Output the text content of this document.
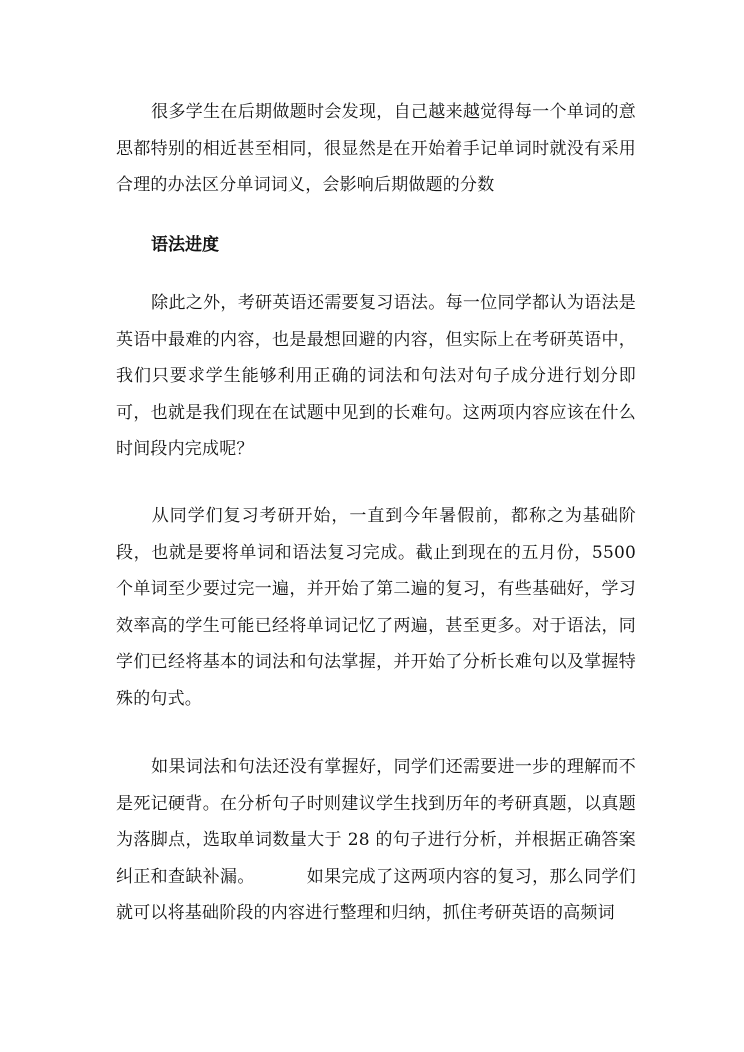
很多学生在后期做题时会发现，自己越来越觉得每一个单词的意思都特别的相近甚至相同，很显然是在开始着手记单词时就没有采用合理的办法区分单词词义，会影响后期做题的分数
语法进度
除此之外，考研英语还需要复习语法。每一位同学都认为语法是英语中最难的内容，也是最想回避的内容，但实际上在考研英语中，我们只要求学生能够利用正确的词法和句法对句子成分进行划分即可，也就是我们现在在试题中见到的长难句。这两项内容应该在什么时间段内完成呢？
从同学们复习考研开始，一直到今年暑假前，都称之为基础阶段，也就是要将单词和语法复习完成。截止到现在的五月份，5500 个单词至少要过完一遍，并开始了第二遍的复习，有些基础好，学习效率高的学生可能已经将单词记忆了两遍，甚至更多。对于语法，同学们已经将基本的词法和句法掌握，并开始了分析长难句以及掌握特殊的句式。
如果词法和句法还没有掌握好，同学们还需要进一步的理解而不是死记硬背。在分析句子时则建议学生找到历年的考研真题，以真题为落脚点，选取单词数量大于 28 的句子进行分析，并根据正确答案纠正和查缺补漏。	如果完成了这两项内容的复习，那么同学们就可以将基础阶段的内容进行整理和归纳，抓住考研英语的高频词
